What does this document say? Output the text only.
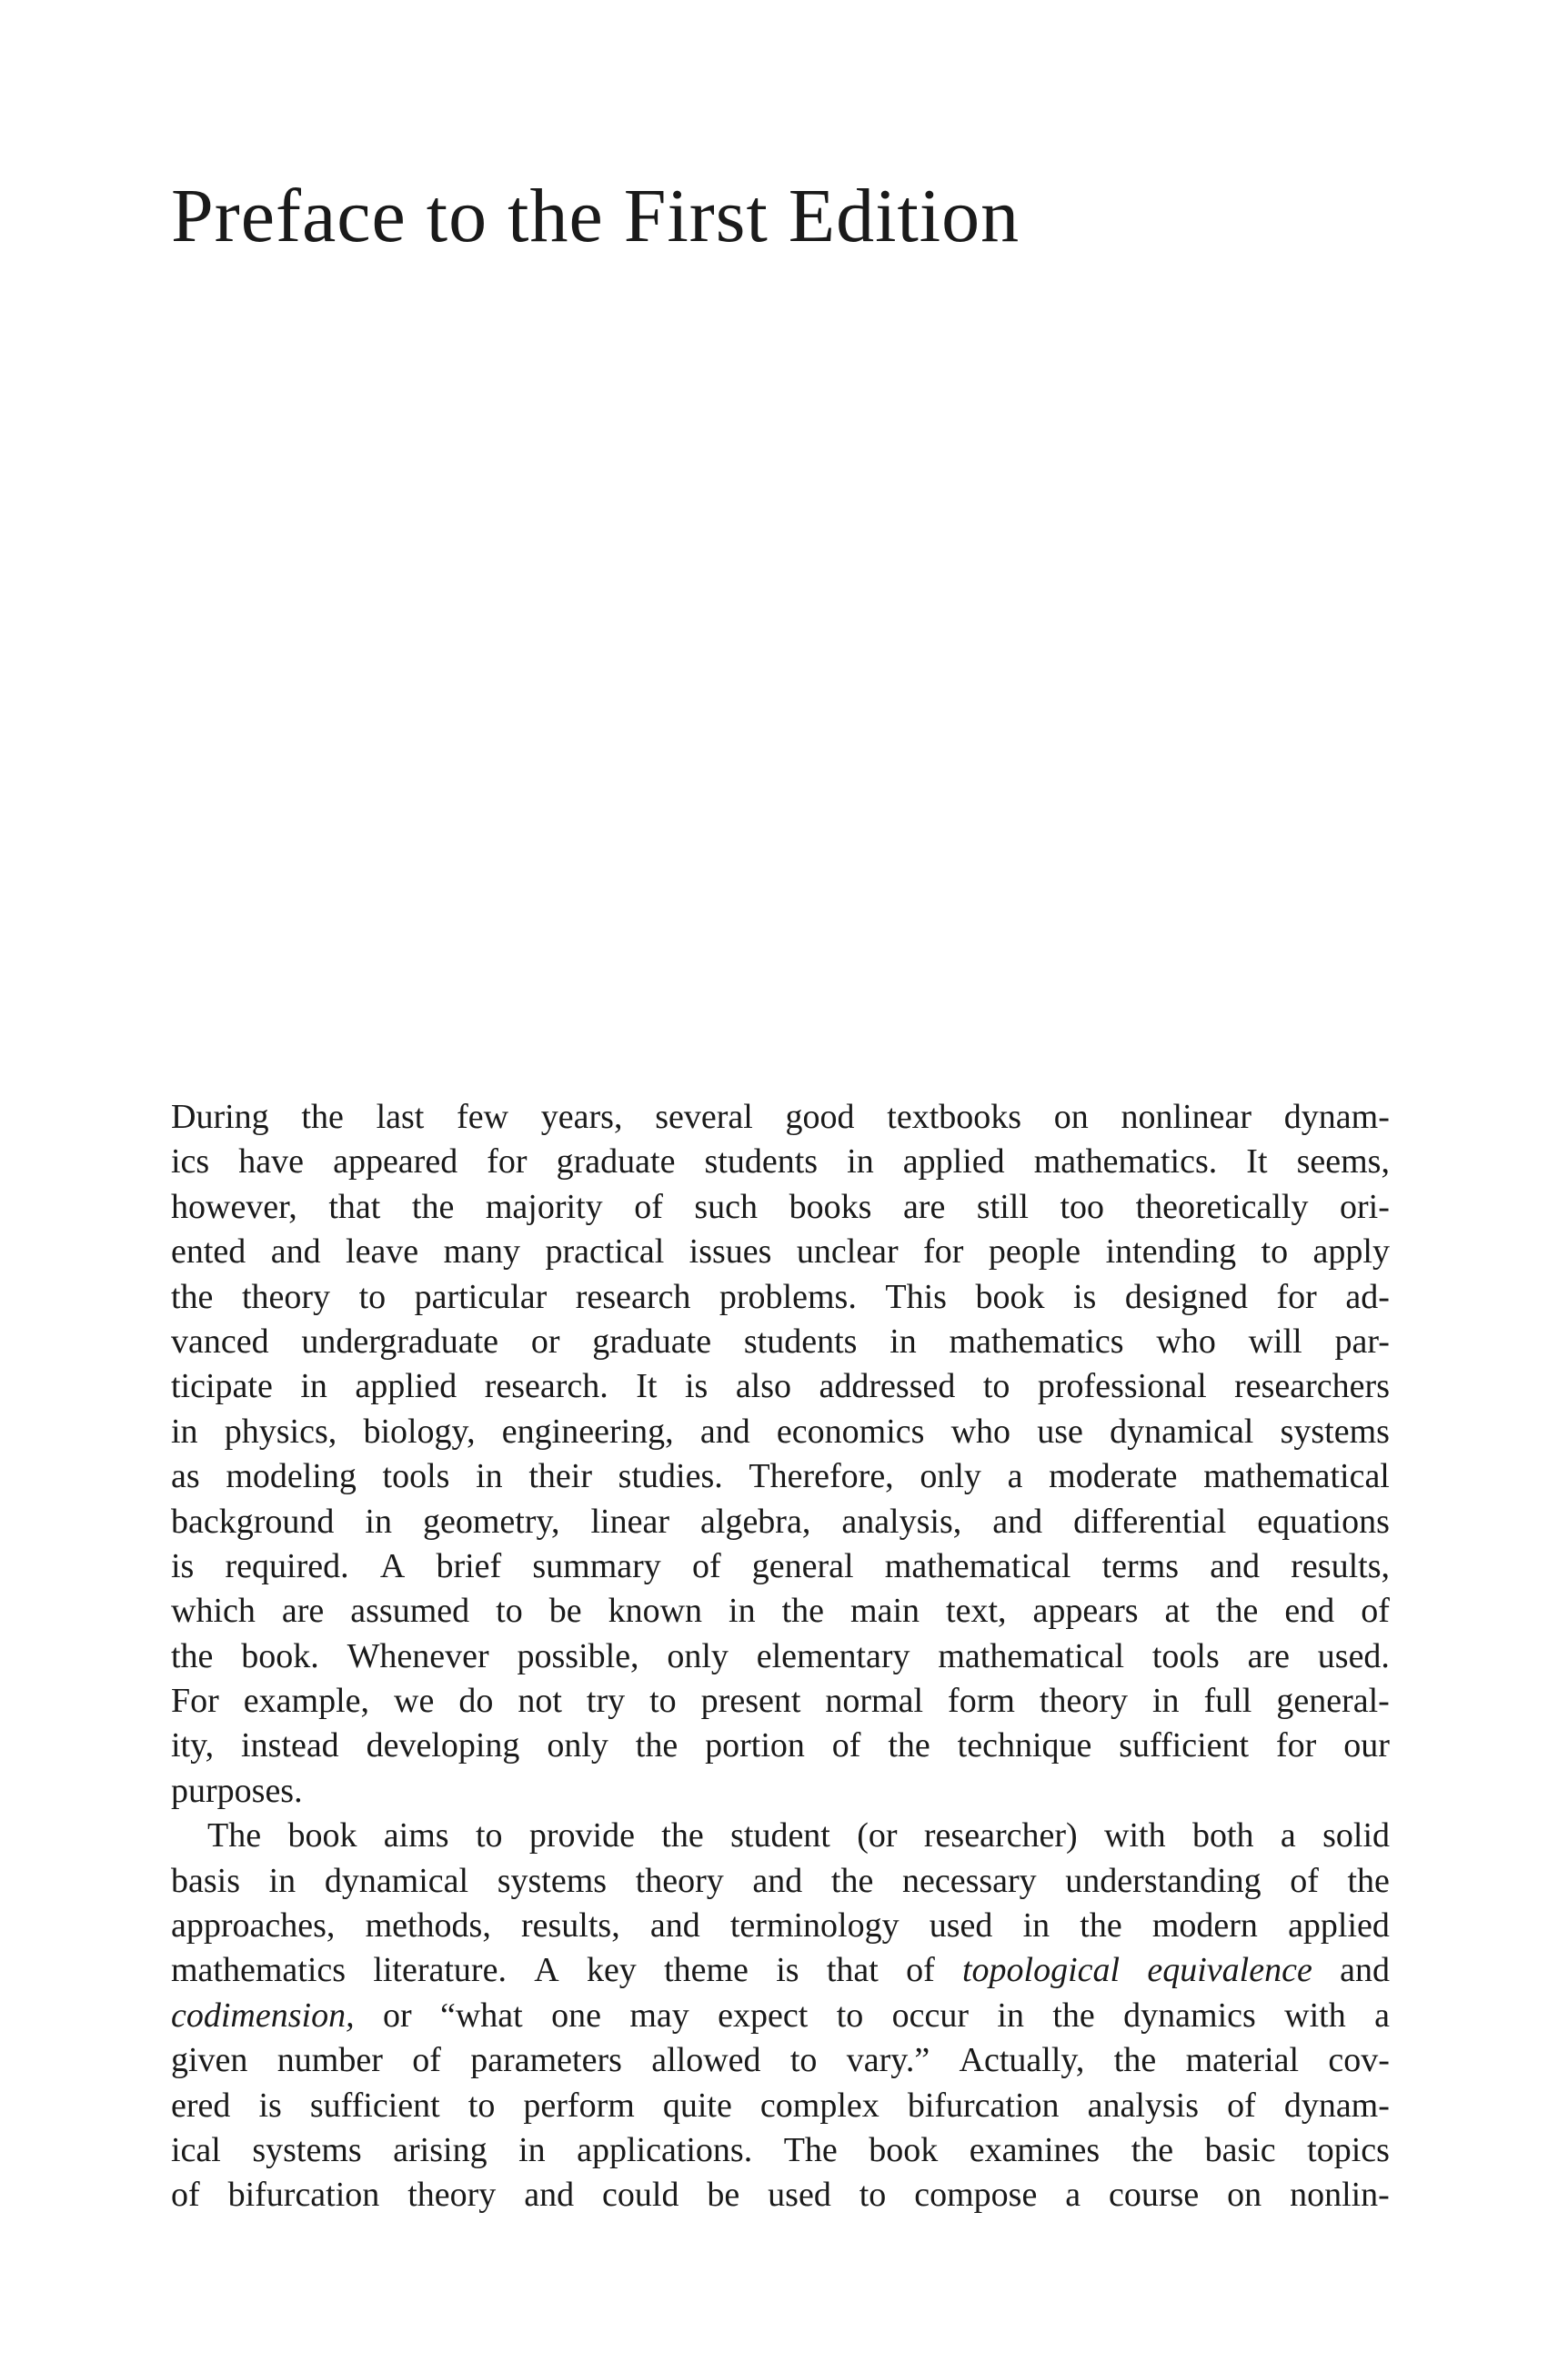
Preface to the First Edition
During the last few years, several good textbooks on nonlinear dynam-
ics have appeared for graduate students in applied mathematics. It seems,
however, that the majority of such books are still too theoretically ori-
ented and leave many practical issues unclear for people intending to apply
the theory to particular research problems. This book is designed for ad-
vanced undergraduate or graduate students in mathematics who will par-
ticipate in applied research. It is also addressed to professional researchers
in physics, biology, engineering, and economics who use dynamical systems
as modeling tools in their studies. Therefore, only a moderate mathematical
background in geometry, linear algebra, analysis, and differential equations
is required. A brief summary of general mathematical terms and results,
which are assumed to be known in the main text, appears at the end of
the book. Whenever possible, only elementary mathematical tools are used.
For example, we do not try to present normal form theory in full general-
ity, instead developing only the portion of the technique sufficient for our
purposes.
The book aims to provide the student (or researcher) with both a solid
basis in dynamical systems theory and the necessary understanding of the
approaches, methods, results, and terminology used in the modern applied
mathematics literature. A key theme is that of topological equivalence and
codimension, or “what one may expect to occur in the dynamics with a
given number of parameters allowed to vary.” Actually, the material cov-
ered is sufficient to perform quite complex bifurcation analysis of dynam-
ical systems arising in applications. The book examines the basic topics
of bifurcation theory and could be used to compose a course on nonlin-
